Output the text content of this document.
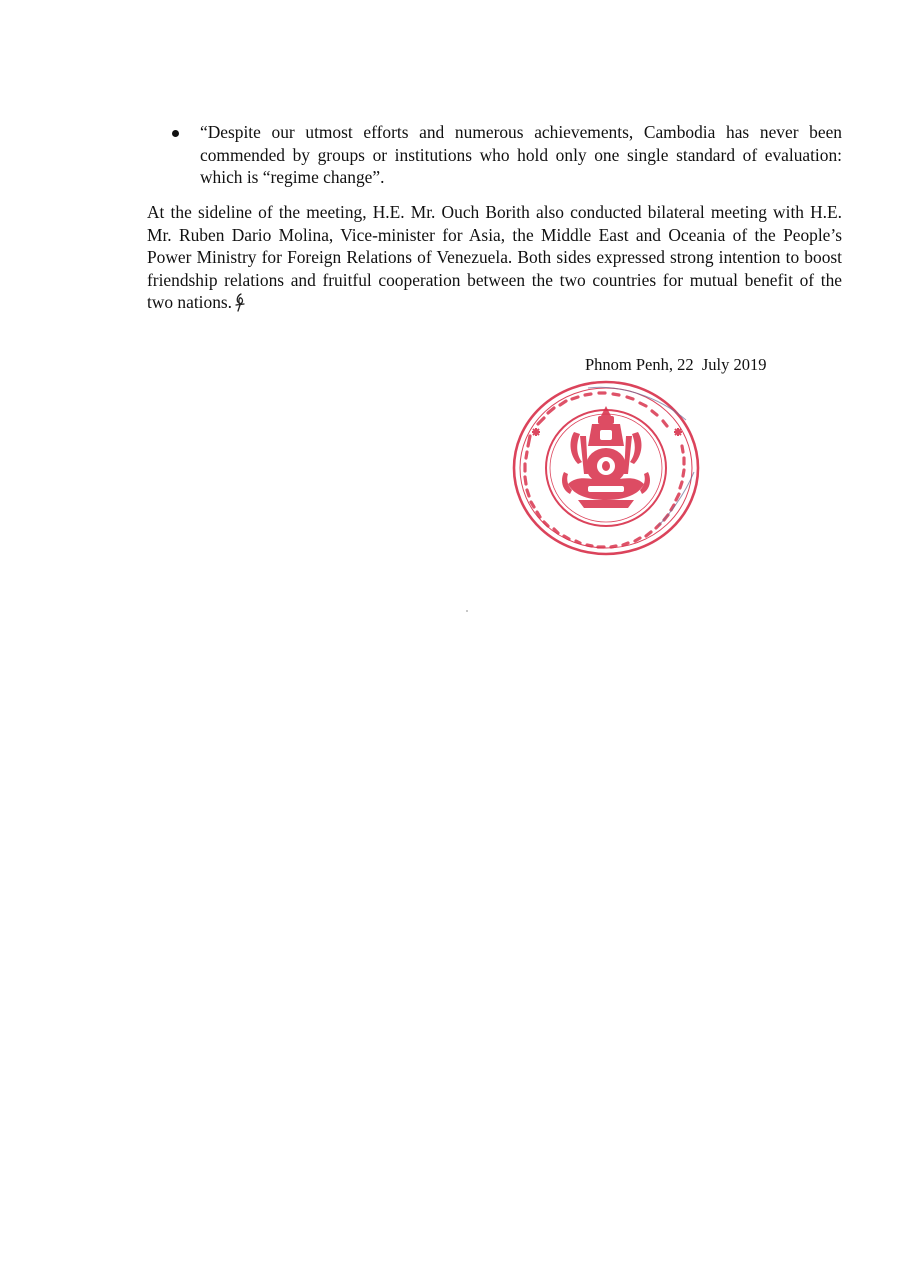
“Despite our utmost efforts and numerous achievements, Cambodia has never been commended by groups or institutions who hold only one single standard of evaluation: which is “regime change”.
At the sideline of the meeting, H.E. Mr. Ouch Borith also conducted bilateral meeting with H.E. Mr. Ruben Dario Molina, Vice-minister for Asia, the Middle East and Oceania of the People’s Power Ministry for Foreign Relations of Venezuela. Both sides expressed strong intention to boost friendship relations and fruitful cooperation between the two countries for mutual benefit of the two nations.
Phnom Penh, 22  July 2019
